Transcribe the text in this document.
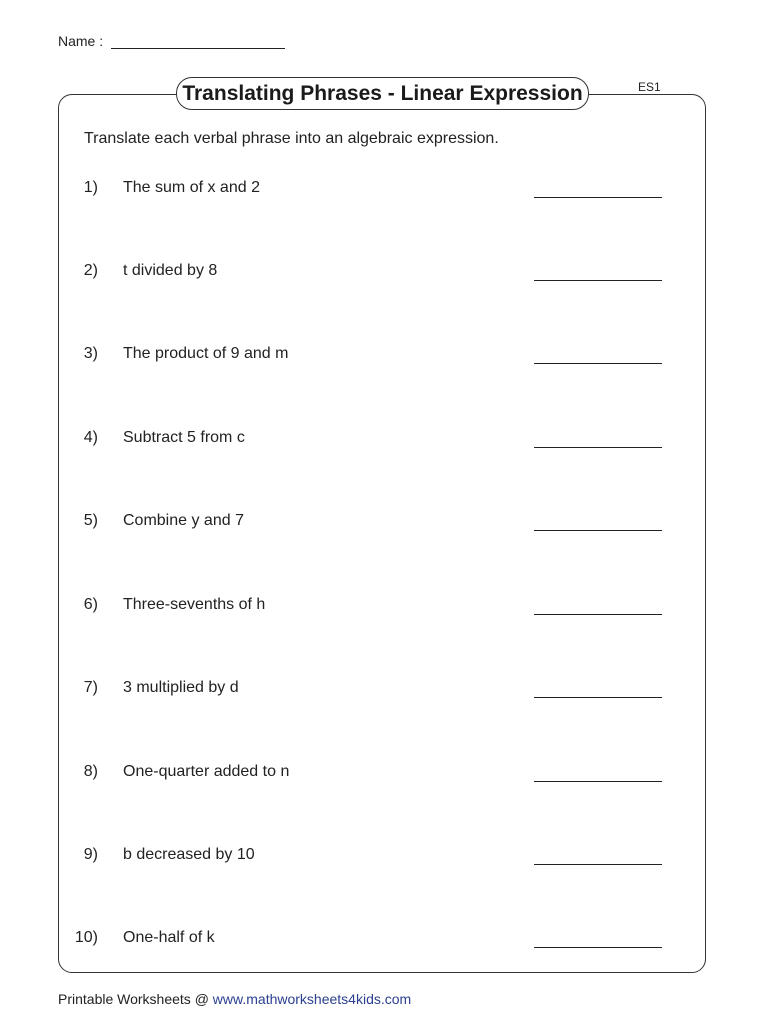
Name :
Translating Phrases - Linear Expression	ES1
Translate each verbal phrase into an algebraic expression.
1) The sum of x and 2
2) t divided by 8
3) The product of 9 and m
4) Subtract 5 from c
5) Combine y and 7
6) Three-sevenths of h
7) 3 multiplied by d
8) One-quarter added to n
9) b decreased by 10
10) One-half of k
Printable Worksheets @ www.mathworksheets4kids.com
